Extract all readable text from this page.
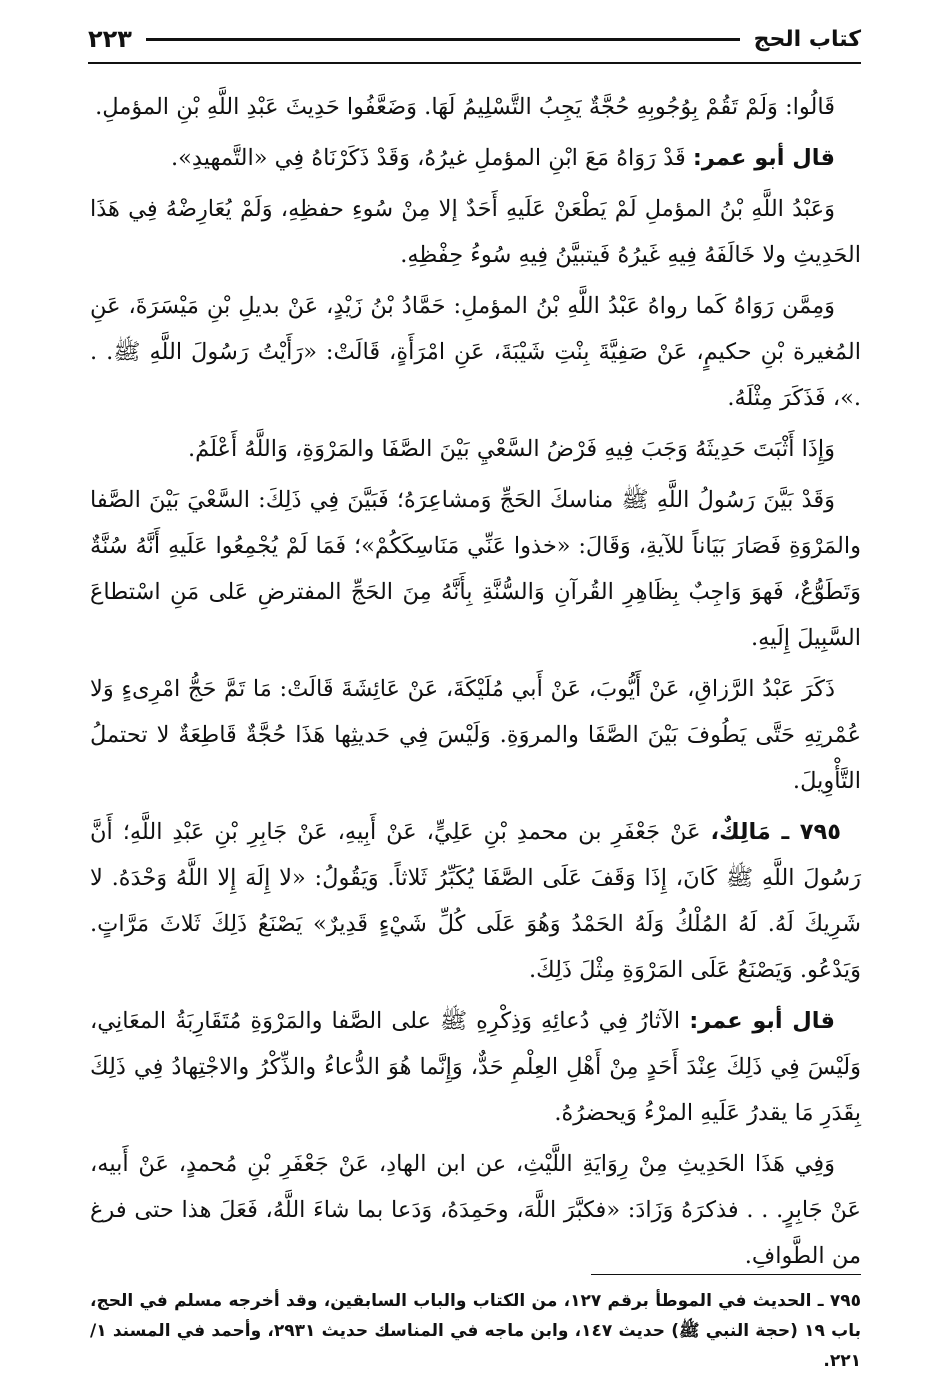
كتاب الحج
٢٢٣

قَالُوا: وَلَمْ تَقُمْ بِوُجُوبِهِ حُجَّةٌ يَجِبُ التَّسْلِيمُ لَهَا. وَضَعَّفُوا حَدِيثَ عَبْدِ اللَّهِ بْنِ المؤملِ.

قال أبو عمر: قَدْ رَوَاهُ مَعَ ابْنِ المؤملِ غيرُهُ، وَقَدْ ذَكَرْنَاهُ فِي «التَّمهيدِ».

وَعَبْدُ اللَّهِ بْنُ المؤملِ لَمْ يَطْعَنْ عَلَيهِ أَحَدٌ إلا مِنْ سُوءِ حفظِهِ، وَلَمْ يُعَارِضْهُ فِي هَذَا الحَدِيثِ ولا خَالَفَهُ فِيهِ غَيرُهُ فَيتبيَّنُ فِيهِ سُوءُ حِفْظِهِ.

وَمِمَّن رَوَاهُ كَما رواهُ عَبْدُ اللَّهِ بْنُ المؤملِ: حَمَّادُ بْنُ زَيْدٍ، عَنْ بديلِ بْنِ مَيْسَرَةَ، عَنِ المُغيرة بْنِ حكيمٍ، عَنْ صَفِيَّةَ بِنْتِ شَيْبَةَ، عَنِ امْرَأَةٍ، قَالَتْ: «رَأَيْتُ رَسُولَ اللَّهِ ﷺ. . .»، فَذَكَرَ مِثْلَهُ.

وَإِذَا أَثْبَتَ حَدِيثَهُ وَجَبَ فِيهِ فَرْضُ السَّعْيِ بَيْنَ الصَّفَا والمَرْوَةِ، وَاللَّهُ أَعْلَمُ.

وَقَدْ بَيَّنَ رَسُولُ اللَّهِ ﷺ مناسكَ الحَجِّ وَمشاعِرَهُ؛ فَبَيَّنَ فِي ذَلِكَ: السَّعْيَ بَيْنَ الصَّفا والمَرْوَةِ فَصَارَ بَيَاناً للآيةِ، وَقَالَ: «خذوا عَنِّي مَنَاسِكَكُمْ»؛ فَمَا لَمْ يُجْمِعُوا عَلَيهِ أَنَّهُ سُنَّةٌ وَتَطَوُّعٌ، فَهوَ وَاجِبٌ بِظَاهِرِ القُرآنِ وَالسُّنَّةِ بِأَنَّهُ مِنَ الحَجِّ المفترضِ عَلى مَنِ اسْتطاعَ السَّبِيلَ إِلَيهِ.

ذَكَرَ عَبْدُ الرَّزاقِ، عَنْ أَيُّوبَ، عَنْ أَبي مُلَيْكَةَ، عَنْ عَائِشَةَ قَالَتْ: مَا تَمَّ حَجُّ امْرِىءٍ وَلا عُمْرتِهِ حَتَّى يَطُوفَ بَيْنَ الصَّفَا والمروَةِ. وَلَيْسَ فِي حَديثِها هَذَا حُجَّةٌ قَاطِعَةٌ لا تحتملُ التَّأْوِيلَ.

٧٩٥ ـ مَالِكٌ، عَنْ جَعْفَرِ بن محمدِ بْنِ عَلِيٍّ، عَنْ أَبِيهِ، عَنْ جَابِرِ بْنِ عَبْدِ اللَّهِ؛ أَنَّ رَسُولَ اللَّهِ ﷺ كَانَ، إِذَا وَقَفَ عَلَى الصَّفَا يُكَبِّرُ ثَلاثاً. وَيَقُولُ: «لا إِلَهَ إِلا اللَّهُ وَحْدَهُ. لا شَرِيكَ لَهُ. لَهُ المُلْكُ وَلَهُ الحَمْدُ وَهُوَ عَلَى كُلِّ شَيْءٍ قَدِيرٌ» يَصْنَعُ ذَلِكَ ثَلاثَ مَرَّاتٍ. وَيَدْعُو. وَيَصْنَعُ عَلَى المَرْوَةِ مِثْلَ ذَلِكَ.

قال أبو عمر: الآثارُ فِي دُعائِهِ وَذِكْرِهِ ﷺ على الصَّفا والمَرْوَةِ مُتَقَارِبَةُ المعَانِي، وَلَيْسَ فِي ذَلِكَ عِنْدَ أَحَدٍ مِنْ أَهْلِ العِلْمِ حَدٌّ، وَإِنَّما هُوَ الدُّعاءُ والذِّكْرُ والاجْتِهادُ فِي ذَلِكَ بِقَدَرِ مَا يقدرُ عَلَيهِ المرْءُ وَيحضرُهُ.

وَفِي هَذَا الحَدِيثِ مِنْ رِوَايَةِ اللَّيْثِ، عن ابن الهادِ، عَنْ جَعْفَرِ بْنِ مُحمدٍ، عَنْ أَبيه، عَنْ جَابِرٍ. . . فذكرَهُ وَزَادَ: «فكبَّرَ اللَّهَ، وحَمِدَهُ، وَدَعا بما شاءَ اللَّهُ، فَعَلَ هذا حتى فرغ من الطَّوافِ.

٧٩٥ ـ الحديث في الموطأ برقم ١٢٧، من الكتاب والباب السابقين، وقد أخرجه مسلم في الحج، باب ١٩ (حجة النبي ﷺ) حديث ١٤٧، وابن ماجه في المناسك حديث ٢٩٣١، وأحمد في المسند ١/ ٢٢١.
